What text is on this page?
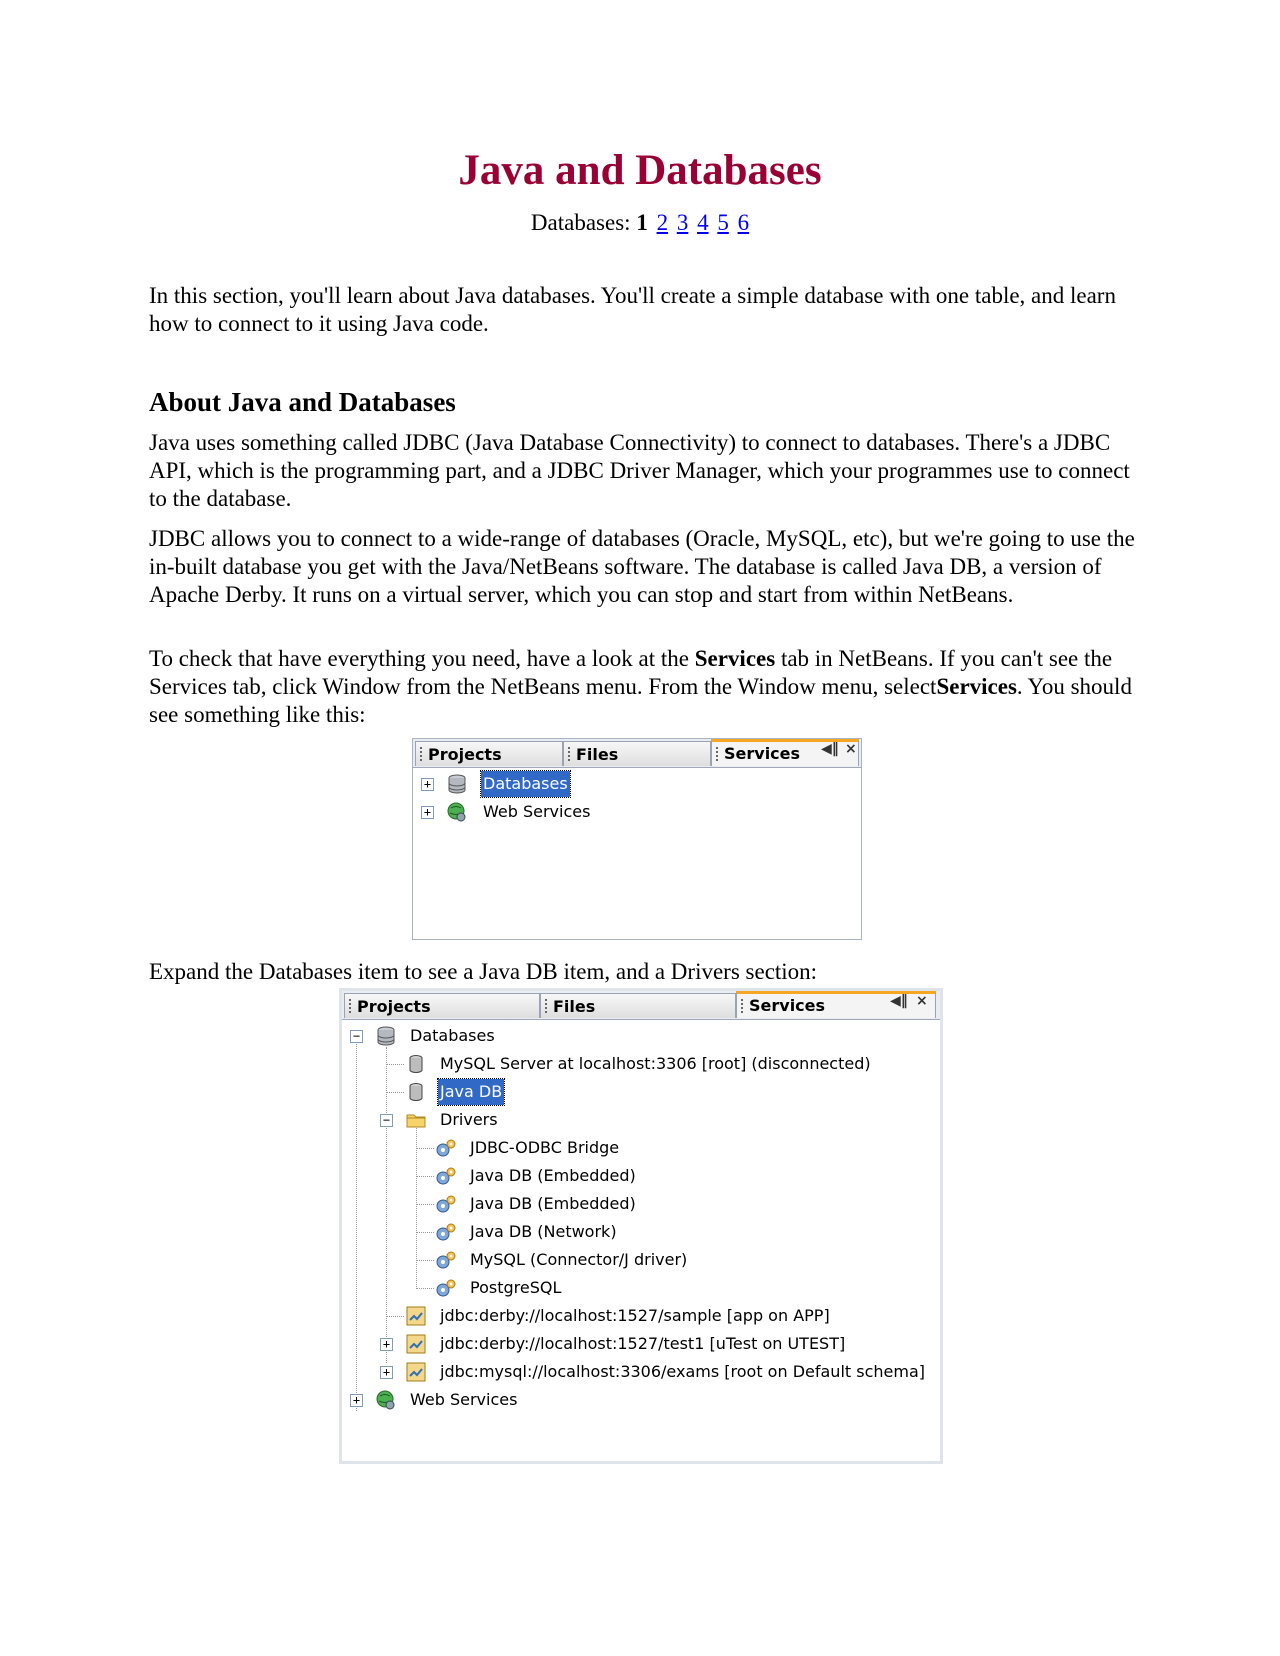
Java and Databases
Databases: 1 2 3 4 5 6

In this section, you'll learn about Java databases. You'll create a simple database with one table, and learn how to connect to it using Java code.

About Java and Databases

Java uses something called JDBC (Java Database Connectivity) to connect to databases. There's a JDBC API, which is the programming part, and a JDBC Driver Manager, which your programmes use to connect to the database.

JDBC allows you to connect to a wide-range of databases (Oracle, MySQL, etc), but we're going to use the in-built database you get with the Java/NetBeans software. The database is called Java DB, a version of Apache Derby. It runs on a virtual server, which you can stop and start from within NetBeans.

To check that have everything you need, have a look at the Services tab in NetBeans. If you can't see the Services tab, click Window from the NetBeans menu. From the Window menu, selectServices. You should see something like this:

Projects	Files	Services	◀‖ ×
+	Databases
+	Web Services

Expand the Databases item to see a Java DB item, and a Drivers section:

Projects	Files	Services	◀‖ ×
−	Databases
MySQL Server at localhost:3306 [root] (disconnected)
Java DB
−	Drivers
JDBC-ODBC Bridge
Java DB (Embedded)
Java DB (Embedded)
Java DB (Network)
MySQL (Connector/J driver)
PostgreSQL
jdbc:derby://localhost:1527/sample [app on APP]
+	jdbc:derby://localhost:1527/test1 [uTest on UTEST]
+	jdbc:mysql://localhost:3306/exams [root on Default schema]
+	Web Services
